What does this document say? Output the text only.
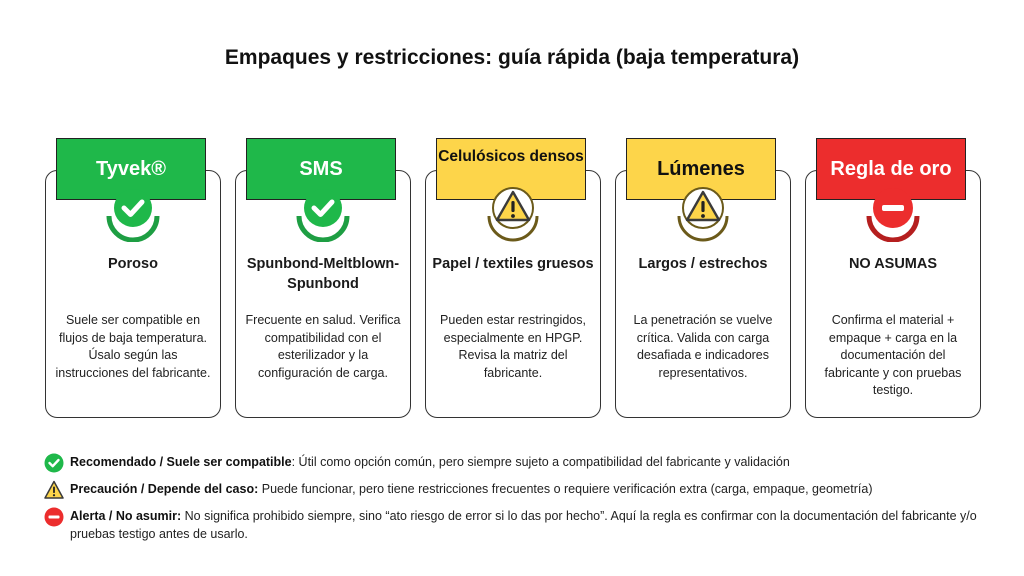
Empaques y restricciones: guía rápida (baja temperatura)
Tyvek®
Poroso
Suele ser compatible en flujos de baja temperatura. Úsalo según las instrucciones del fabricante.
SMS
Spunbond-Meltblown-Spunbond
Frecuente en salud. Verifica compatibilidad con el esterilizador y la configuración de carga.
Celulósicos densos
Papel / textiles gruesos
Pueden estar restringidos, especialmente en HPGP. Revisa la matriz del fabricante.
Lúmenes
Largos / estrechos
La penetración se vuelve crítica. Valida con carga desafiada e indicadores representativos.
Regla de oro
NO ASUMAS
Confirma el material + empaque + carga en la documentación del fabricante y con pruebas testigo.
Recomendado / Suele ser compatible: Útil como opción común, pero siempre sujeto a compatibilidad del fabricante y validación
Precaución / Depende del caso: Puede funcionar, pero tiene restricciones frecuentes o requiere verificación extra (carga, empaque, geometría)
Alerta / No asumir: No significa prohibido siempre, sino “ato riesgo de error si lo das por hecho”. Aquí la regla es confirmar con la documentación del fabricante y/o pruebas testigo antes de usarlo.
